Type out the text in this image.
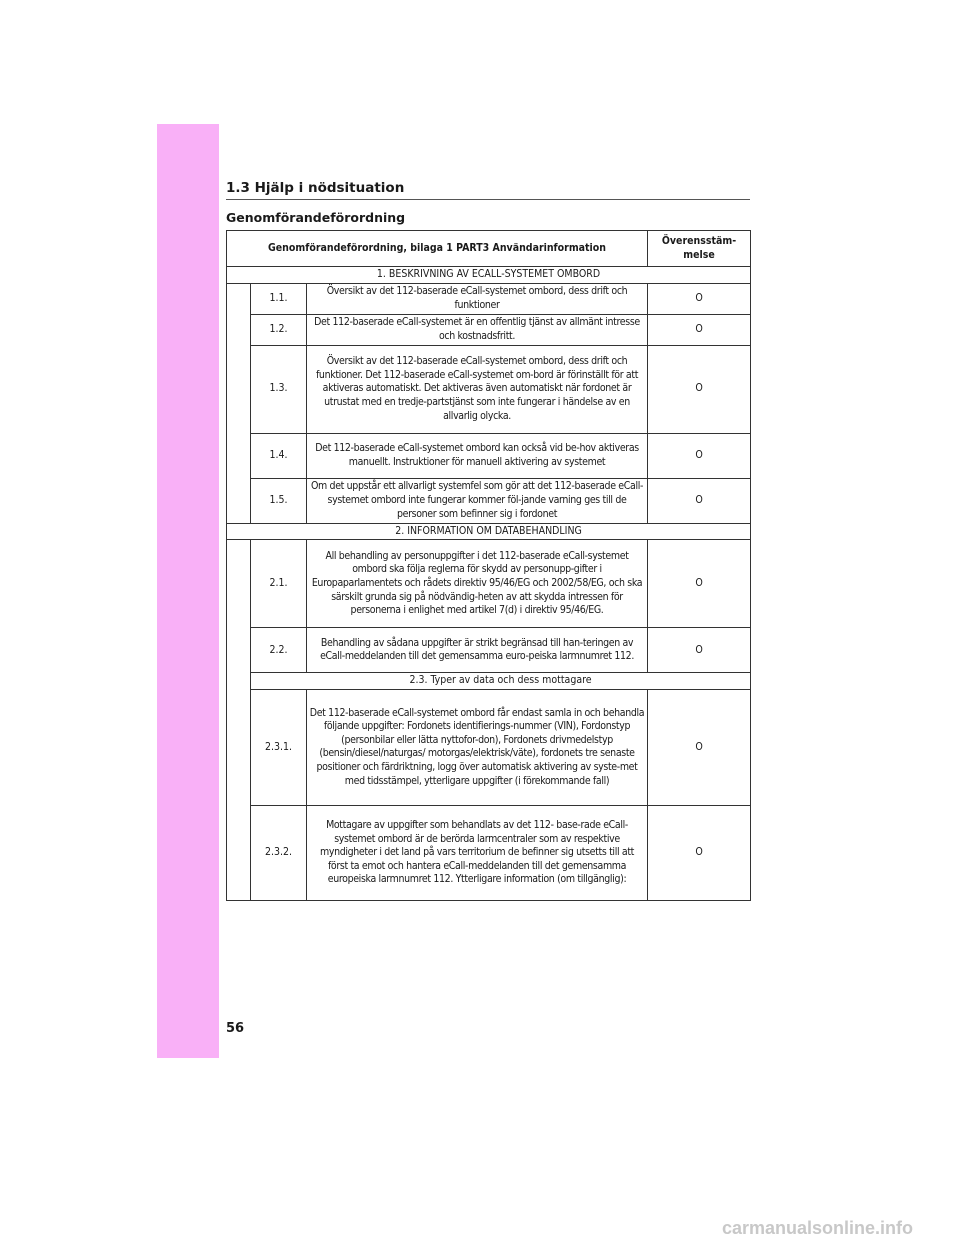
1.3 Hjälp i nödsituation
Genomförandeförordning
Genomförandeförordning, bilaga 1 PART3 Användarinformation			Överensstäm-melse
1. BESKRIVNING AV ECALL-SYSTEMET OMBORD			
	1.1.	Översikt av det 112-baserade eCall-systemet ombord, dess drift och funktioner	O
	1.2.	Det 112-baserade eCall-systemet är en offentlig tjänst av allmänt intresse och kostnadsfritt.	O
	1.3.	Översikt av det 112-baserade eCall-systemet ombord, dess drift och funktioner. Det 112-baserade eCall-systemet om-bord är förinställt för att aktiveras automatiskt. Det aktiveras även automatiskt när fordonet är utrustat med en tredje-partstjänst som inte fungerar i händelse av en allvarlig olycka.	O
	1.4.	Det 112-baserade eCall-systemet ombord kan också vid be-hov aktiveras manuellt. Instruktioner för manuell aktivering av systemet	O
	1.5.	Om det uppstår ett allvarligt systemfel som gör att det 112-baserade eCall-systemet ombord inte fungerar kommer föl-jande varning ges till de personer som befinner sig i fordonet	O
2. INFORMATION OM DATABEHANDLING			
	2.1.	All behandling av personuppgifter i det 112-baserade eCall-systemet ombord ska följa reglerna för skydd av personupp-gifter i Europaparlamentets och rådets direktiv 95/46/EG och 2002/58/EG, och ska särskilt grunda sig på nödvändig-heten av att skydda intressen för personerna i enlighet med artikel 7(d) i direktiv 95/46/EG.	O
	2.2.	Behandling av sådana uppgifter är strikt begränsad till han-teringen av eCall-meddelanden till det gemensamma euro-peiska larmnumret 112.	O
	2.3. Typer av data och dess mottagare		
	2.3.1.	Det 112-baserade eCall-systemet ombord får endast samla in och behandla följande uppgifter: Fordonets identifierings-nummer (VIN), Fordonstyp (personbilar eller lätta nyttofor-don), Fordonets drivmedelstyp (bensin/diesel/naturgas/ motorgas/elektrisk/väte), fordonets tre senaste positioner och färdriktning, logg över automatisk aktivering av syste-met med tidsstämpel, ytterligare uppgifter (i förekommande fall)	O
	2.3.2.	Mottagare av uppgifter som behandlats av det 112- base-rade eCall-systemet ombord är de berörda larmcentraler som av respektive myndigheter i det land på vars territorium de befinner sig utsetts till att först ta emot och hantera eCall-meddelanden till det gemensamma europeiska larmnumret 112. Ytterligare information (om tillgänglig):	O
56
carmanualsonline.info
